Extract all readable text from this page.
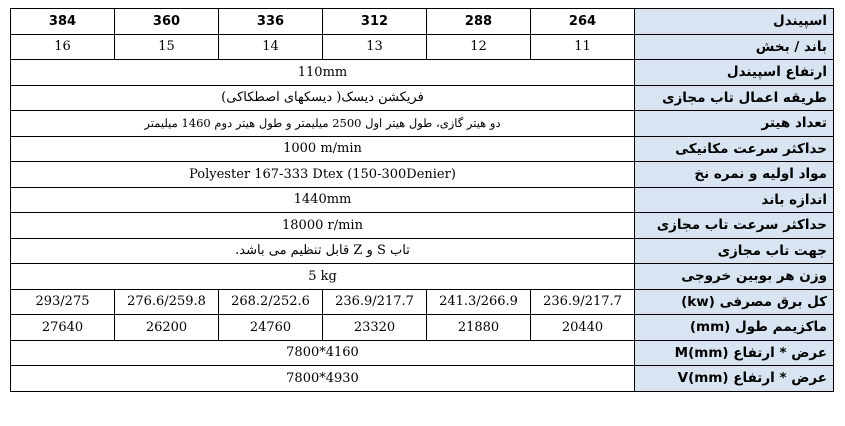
384	360	336	312	288	264	اسپیندل
16	15	14	13	12	11	باند / بخش
110mm						ارتفاع اسپیندل
فریکشن دیسک( دیسکهای اصطکاکی)						طریقه اعمال تاب مجازی
دو هیتر گازی، طول هیتر اول 2500 میلیمتر و طول هیتر دوم 1460 میلیمتر						تعداد هیتر
1000 m/min						حداکثر سرعت مکانیکی
Polyester 167-333 Dtex (150-300Denier)						مواد اولیه و نمره نخ
1440mm						اندازه باند
18000 r/min						حداکثر سرعت تاب مجازی
تاب S و Z قابل تنظیم می باشد.						جهت تاب مجازی
5 kg						وزن هر بوبین خروجی
293/275	276.6/259.8	268.2/252.6	236.9/217.7	241.3/266.9	236.9/217.7	کل برق مصرفی (kw)
27640	26200	24760	23320	21880	20440	ماکزیمم طول (mm)
7800*4160						عرض * ارتفاع (mm)M
7800*4930						عرض * ارتفاع (mm)V
